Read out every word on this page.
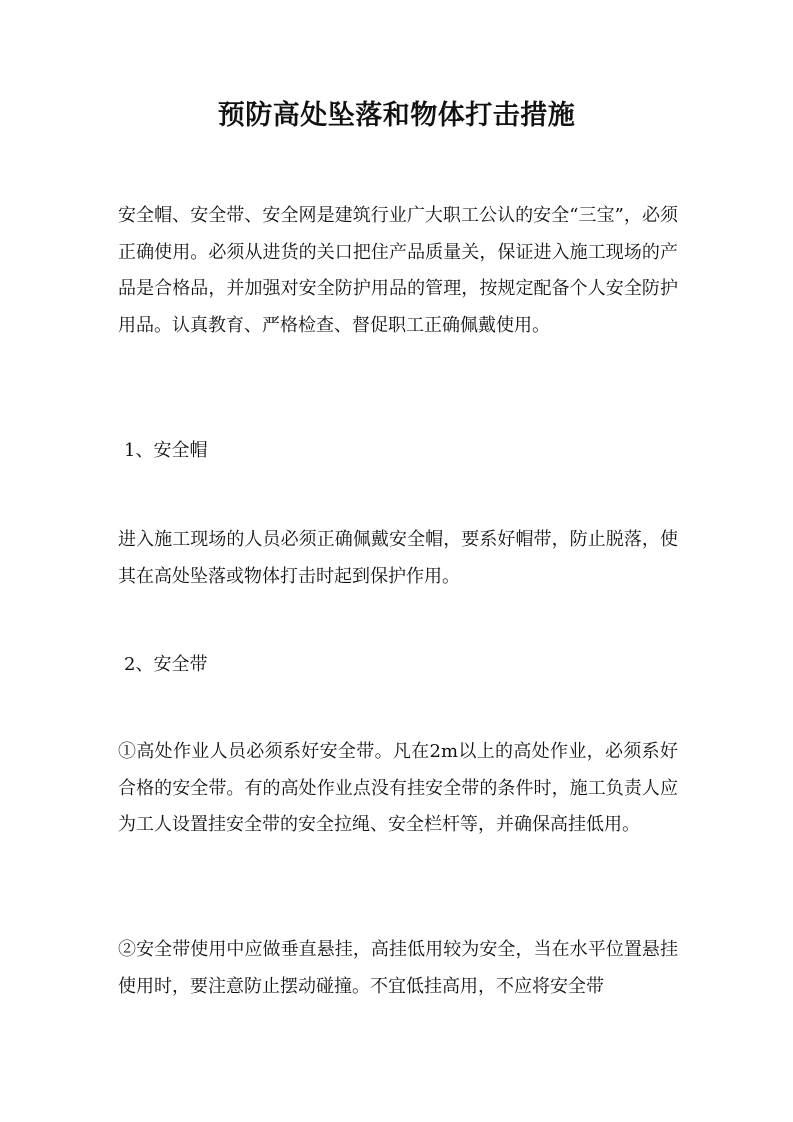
预防高处坠落和物体打击措施

安全帽、安全带、安全网是建筑行业广大职工公认的安全“三宝”，必须正确使用。必须从进货的关口把住产品质量关，保证进入施工现场的产品是合格品，并加强对安全防护用品的管理，按规定配备个人安全防护用品。认真教育、严格检查、督促职工正确佩戴使用。

1、安全帽

进入施工现场的人员必须正确佩戴安全帽，要系好帽带，防止脱落，使其在高处坠落或物体打击时起到保护作用。

2、安全带

①高处作业人员必须系好安全带。凡在2m以上的高处作业，必须系好合格的安全带。有的高处作业点没有挂安全带的条件时，施工负责人应为工人设置挂安全带的安全拉绳、安全栏杆等，并确保高挂低用。

②安全带使用中应做垂直悬挂，高挂低用较为安全，当在水平位置悬挂使用时，要注意防止摆动碰撞。不宜低挂高用，不应将安全带
